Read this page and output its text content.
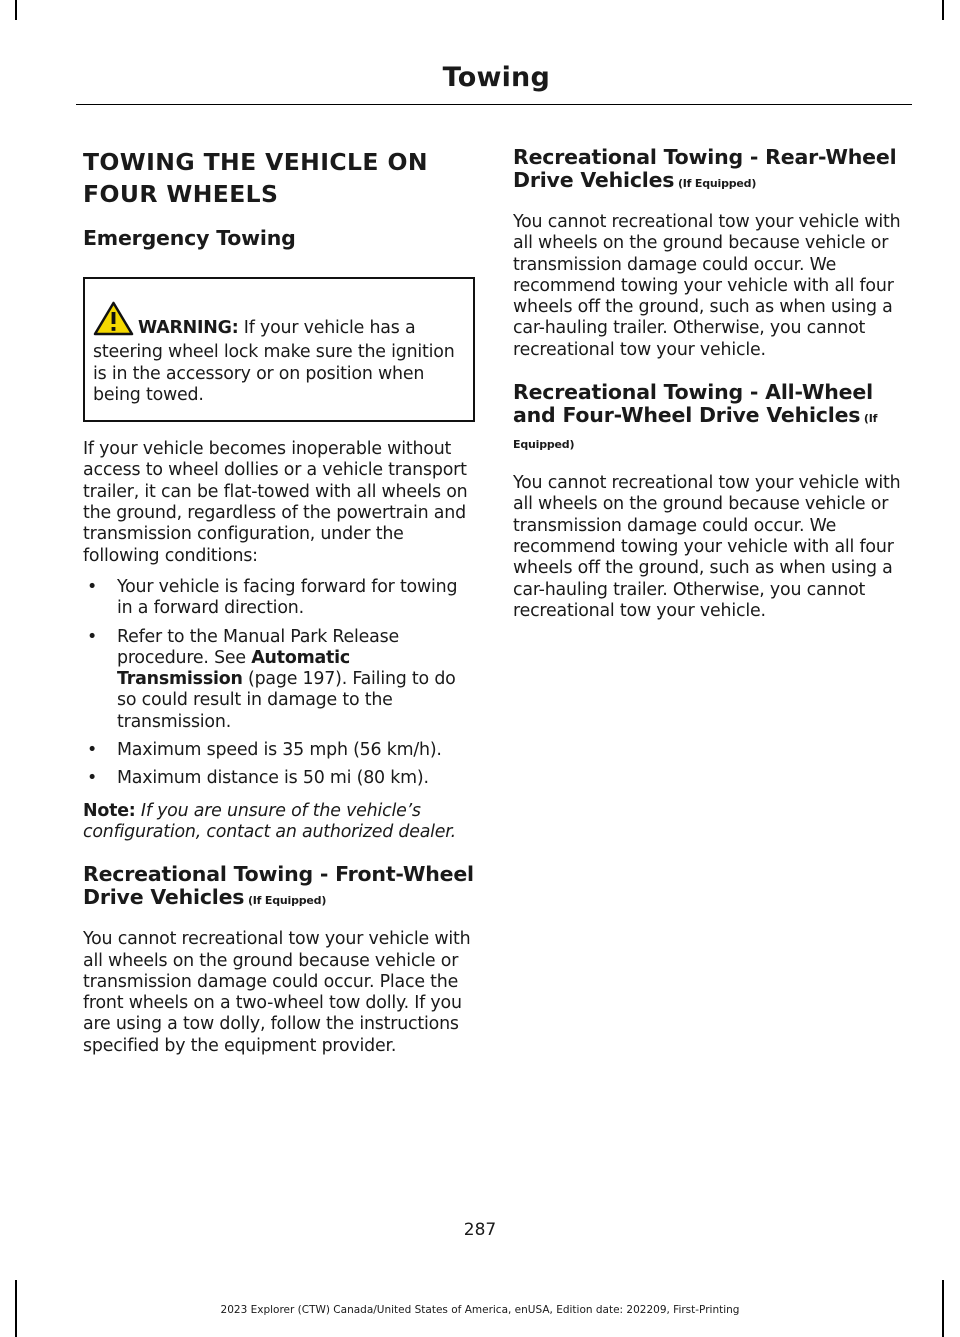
Towing
TOWING THE VEHICLE ON FOUR WHEELS
Emergency Towing

WARNING: If your vehicle has a steering wheel lock make sure the ignition is in the accessory or on position when being towed.

If your vehicle becomes inoperable without access to wheel dollies or a vehicle transport trailer, it can be flat-towed with all wheels on the ground, regardless of the powertrain and transmission configuration, under the following conditions:

• Your vehicle is facing forward for towing in a forward direction.
• Refer to the Manual Park Release procedure. See Automatic Transmission (page 197). Failing to do so could result in damage to the transmission.
• Maximum speed is 35 mph (56 km/h).
• Maximum distance is 50 mi (80 km).

Note: If you are unsure of the vehicle’s configuration, contact an authorized dealer.

Recreational Towing - Front-Wheel Drive Vehicles (If Equipped)

You cannot recreational tow your vehicle with all wheels on the ground because vehicle or transmission damage could occur. Place the front wheels on a two-wheel tow dolly. If you are using a tow dolly, follow the instructions specified by the equipment provider.

Recreational Towing - Rear-Wheel Drive Vehicles (If Equipped)

You cannot recreational tow your vehicle with all wheels on the ground because vehicle or transmission damage could occur. We recommend towing your vehicle with all four wheels off the ground, such as when using a car-hauling trailer. Otherwise, you cannot recreational tow your vehicle.

Recreational Towing - All-Wheel and Four-Wheel Drive Vehicles (If Equipped)

You cannot recreational tow your vehicle with all wheels on the ground because vehicle or transmission damage could occur. We recommend towing your vehicle with all four wheels off the ground, such as when using a car-hauling trailer. Otherwise, you cannot recreational tow your vehicle.

287
2023 Explorer (CTW) Canada/United States of America, enUSA, Edition date: 202209, First-Printing
